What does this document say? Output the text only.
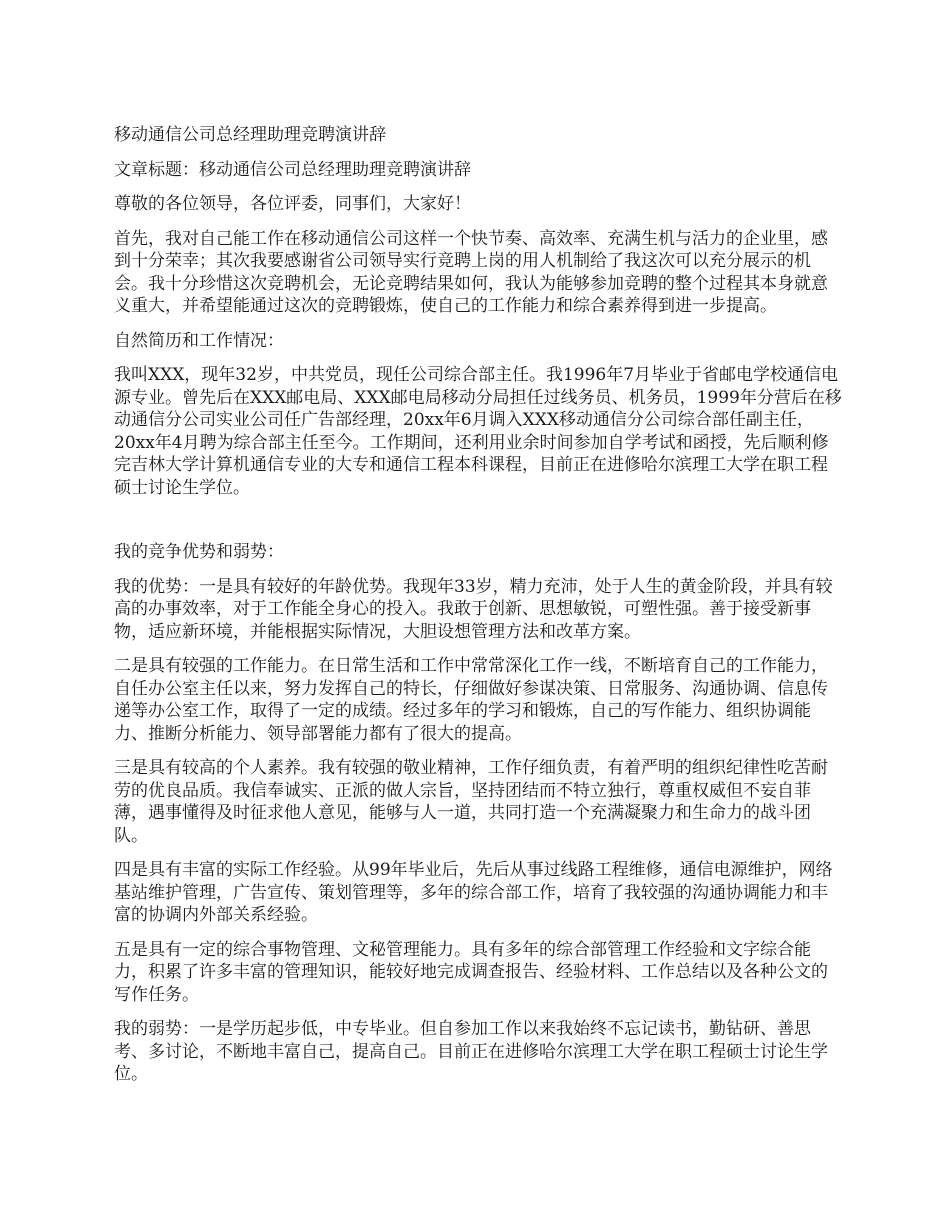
移动通信公司总经理助理竞聘演讲辞

文章标题：移动通信公司总经理助理竞聘演讲辞

尊敬的各位领导，各位评委，同事们，大家好！

首先，我对自己能工作在移动通信公司这样一个快节奏、高效率、充满生机与活力的企业里，感到十分荣幸；其次我要感谢省公司领导实行竞聘上岗的用人机制给了我这次可以充分展示的机会。我十分珍惜这次竞聘机会，无论竞聘结果如何，我认为能够参加竞聘的整个过程其本身就意义重大，并希望能通过这次的竞聘锻炼，使自己的工作能力和综合素养得到进一步提高。

自然简历和工作情况：

我叫XXX，现年32岁，中共党员，现任公司综合部主任。我1996年7月毕业于省邮电学校通信电源专业。曾先后在XXX邮电局、XXX邮电局移动分局担任过线务员、机务员，1999年分营后在移动通信分公司实业公司任广告部经理，20xx年6月调入XXX移动通信分公司综合部任副主任，20xx年4月聘为综合部主任至今。工作期间，还利用业余时间参加自学考试和函授，先后顺利修完吉林大学计算机通信专业的大专和通信工程本科课程，目前正在进修哈尔滨理工大学在职工程硕士讨论生学位。

我的竞争优势和弱势：

我的优势：一是具有较好的年龄优势。我现年33岁，精力充沛，处于人生的黄金阶段，并具有较高的办事效率，对于工作能全身心的投入。我敢于创新、思想敏锐，可塑性强。善于接受新事物，适应新环境，并能根据实际情况，大胆设想管理方法和改革方案。

二是具有较强的工作能力。在日常生活和工作中常常深化工作一线，不断培育自己的工作能力，自任办公室主任以来，努力发挥自己的特长，仔细做好参谋决策、日常服务、沟通协调、信息传递等办公室工作，取得了一定的成绩。经过多年的学习和锻炼，自己的写作能力、组织协调能力、推断分析能力、领导部署能力都有了很大的提高。

三是具有较高的个人素养。我有较强的敬业精神，工作仔细负责，有着严明的组织纪律性吃苦耐劳的优良品质。我信奉诚实、正派的做人宗旨，坚持团结而不特立独行，尊重权威但不妄自菲薄，遇事懂得及时征求他人意见，能够与人一道，共同打造一个充满凝聚力和生命力的战斗团队。

四是具有丰富的实际工作经验。从99年毕业后，先后从事过线路工程维修，通信电源维护，网络基站维护管理，广告宣传、策划管理等，多年的综合部工作，培育了我较强的沟通协调能力和丰富的协调内外部关系经验。

五是具有一定的综合事物管理、文秘管理能力。具有多年的综合部管理工作经验和文字综合能力，积累了许多丰富的管理知识，能较好地完成调查报告、经验材料、工作总结以及各种公文的写作任务。

我的弱势：一是学历起步低，中专毕业。但自参加工作以来我始终不忘记读书，勤钻研、善思考、多讨论，不断地丰富自己，提高自己。目前正在进修哈尔滨理工大学在职工程硕士讨论生学位。
